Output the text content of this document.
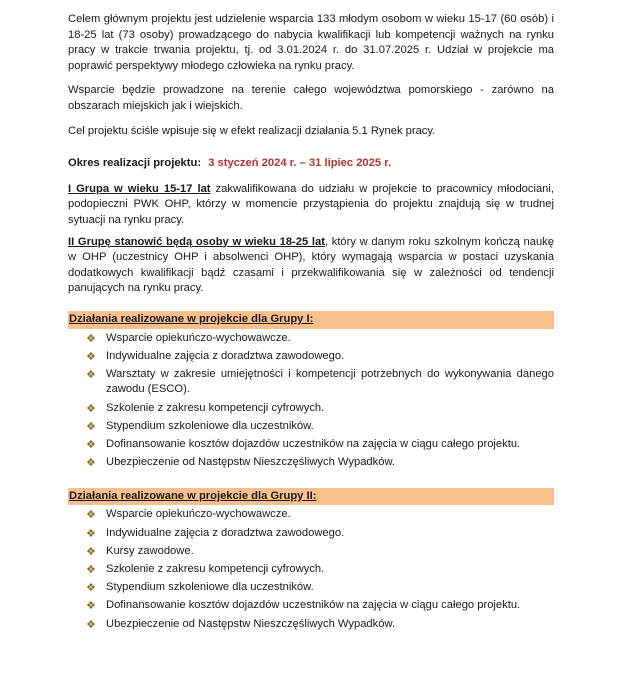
Celem głównym projektu jest udzielenie wsparcia 133 młodym osobom w wieku 15-17 (60 osób) i 18-25 lat (73 osoby) prowadzącego do nabycia kwalifikacji lub kompetencji ważnych na rynku pracy w trakcie trwania projektu, tj. od 3.01.2024 r. do 31.07.2025 r. Udział w projekcie ma poprawić perspektywy młodego człowieka na rynku pracy.

Wsparcie będzie prowadzone na terenie całego województwa pomorskiego - zarówno na obszarach miejskich jak i wiejskich.

Cel projektu ściśle wpisuje się w efekt realizacji działania 5.1 Rynek pracy.

Okres realizacji projektu: 3 styczeń 2024 r. – 31 lipiec 2025 r.

I Grupa w wieku 15-17 lat zakwalifikowana do udziału w projekcie to pracownicy młodociani, podopieczni PWK OHP, którzy w momencie przystąpienia do projektu znajdują się w trudnej sytuacji na rynku pracy.

II Grupę stanowić będą osoby w wieku 18-25 lat, który w danym roku szkolnym kończą naukę w OHP (uczestnicy OHP i absolwenci OHP), który wymagają wsparcia w postaci uzyskania dodatkowych kwalifikacji bądź czasami i przekwalifikowania się w zależności od tendencji panujących na rynku pracy.

Działania realizowane w projekcie dla Grupy I:
❖ Wsparcie opiekuńczo-wychowawcze.
❖ Indywidualne zajęcia z doradztwa zawodowego.
❖ Warsztaty w zakresie umiejętności i kompetencji potrzebnych do wykonywania danego zawodu (ESCO).
❖ Szkolenie z zakresu kompetencji cyfrowych.
❖ Stypendium szkoleniowe dla uczestników.
❖ Dofinansowanie kosztów dojazdów uczestników na zajęcia w ciągu całego projektu.
❖ Ubezpieczenie od Następstw Nieszczęśliwych Wypadków.
Działania realizowane w projekcie dla Grupy II:
❖ Wsparcie opiekuńczo-wychowawcze.
❖ Indywidualne zajęcia z doradztwa zawodowego.
❖ Kursy zawodowe.
❖ Szkolenie z zakresu kompetencji cyfrowych.
❖ Stypendium szkoleniowe dla uczestników.
❖ Dofinansowanie kosztów dojazdów uczestników na zajęcia w ciągu całego projektu.
❖ Ubezpieczenie od Następstw Nieszczęśliwych Wypadków.
